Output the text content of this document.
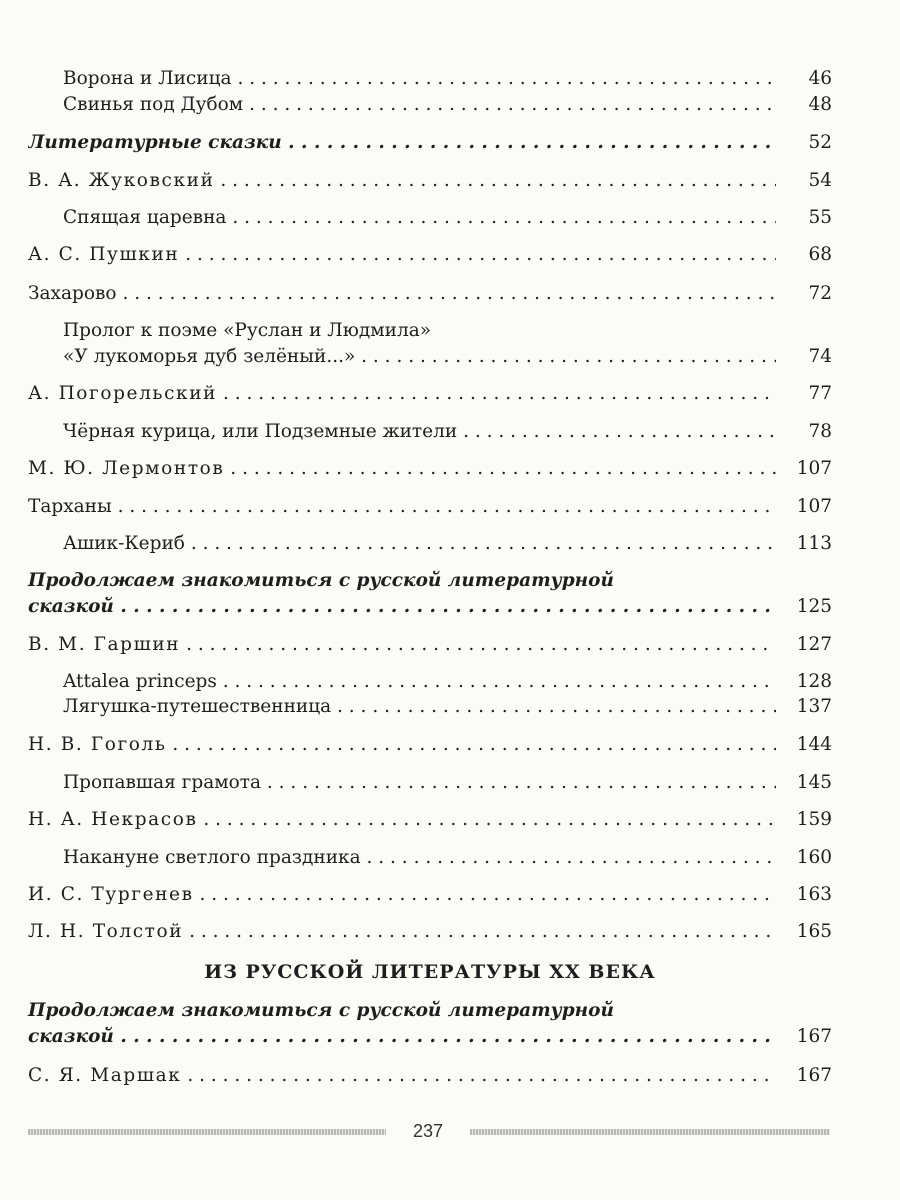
Ворона и Лисица . . .	46
Свинья под Дубом . . .	48
Литературные сказки . . .	52
В. А. Жуковский . . .	54
Спящая царевна . . .	55
А. С. Пушкин . . .	68
Захарово . . .	72
Пролог к поэме «Руслан и Людмила»
«У лукоморья дуб зелёный...» . . .	74
А. Погорельский . . .	77
Чёрная курица, или Подземные жители . . .	78
М. Ю. Лермонтов . . .	107
Тарханы . . .	107
Ашик-Кериб . . .	113
Продолжаем знакомиться с русской литературной
сказкой . . .	125
В. М. Гаршин . . .	127
Attalea princeps . . .	128
Лягушка-путешественница . . .	137
Н. В. Гоголь . . .	144
Пропавшая грамота . . .	145
Н. А. Некрасов . . .	159
Накануне светлого праздника . . .	160
И. С. Тургенев . . .	163
Л. Н. Толстой . . .	165
ИЗ РУССКОЙ ЛИТЕРАТУРЫ XX ВЕКА
Продолжаем знакомиться с русской литературной
сказкой . . .	167
С. Я. Маршак . . .	167
237
